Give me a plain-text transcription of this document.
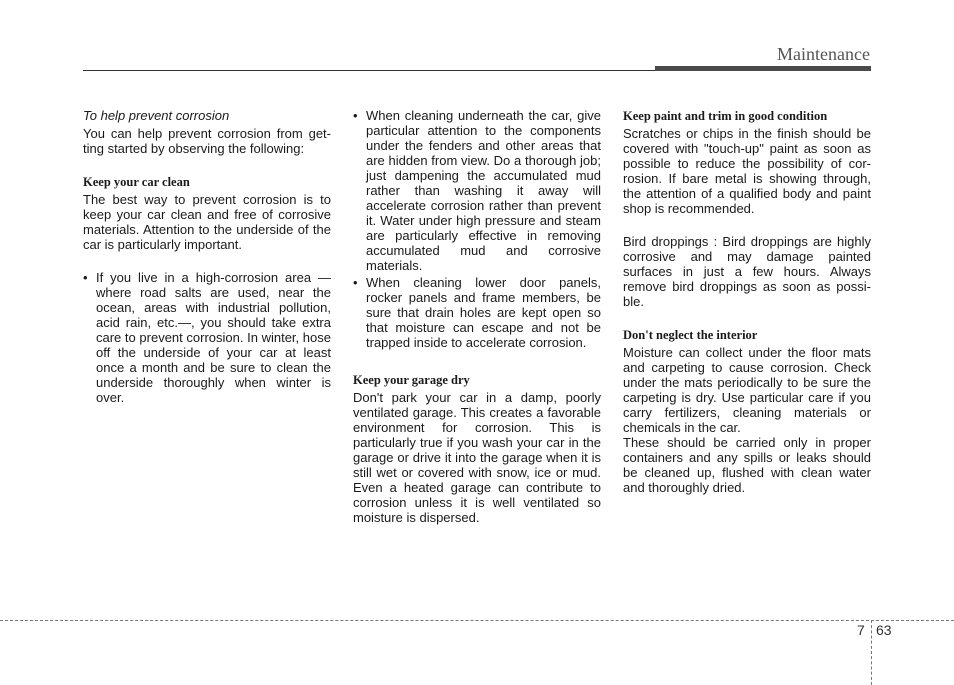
Maintenance
To help prevent corrosion

You can help prevent corrosion from getting started by observing the following:

Keep your car clean

The best way to prevent corrosion is to keep your car clean and free of corrosive materials. Attention to the underside of the car is particularly important.

• If you live in a high-corrosion area — where road salts are used, near the ocean, areas with industrial pollution, acid rain, etc.—, you should take extra care to prevent corrosion. In winter, hose off the underside of your car at least once a month and be sure to clean the underside thoroughly when winter is over.
• When cleaning underneath the car, give particular attention to the components under the fenders and other areas that are hidden from view. Do a thorough job; just dampening the accumulated mud rather than washing it away will accelerate corrosion rather than prevent it. Water under high pressure and steam are particularly effective in removing accumulated mud and corrosive materials.
• When cleaning lower door panels, rocker panels and frame members, be sure that drain holes are kept open so that moisture can escape and not be trapped inside to accelerate corrosion.
Keep your garage dry

Don't park your car in a damp, poorly ventilated garage. This creates a favorable environment for corrosion. This is particularly true if you wash your car in the garage or drive it into the garage when it is still wet or covered with snow, ice or mud. Even a heated garage can contribute to corrosion unless it is well ventilated so moisture is dispersed.

Keep paint and trim in good condition

Scratches or chips in the finish should be covered with "touch-up" paint as soon as possible to reduce the possibility of corrosion. If bare metal is showing through, the attention of a qualified body and paint shop is recommended.

Bird droppings : Bird droppings are highly corrosive and may damage painted surfaces in just a few hours. Always remove bird droppings as soon as possible.

Don't neglect the interior

Moisture can collect under the floor mats and carpeting to cause corrosion. Check under the mats periodically to be sure the carpeting is dry. Use particular care if you carry fertilizers, cleaning materials or chemicals in the car.

These should be carried only in proper containers and any spills or leaks should be cleaned up, flushed with clean water and thoroughly dried.

7 63
